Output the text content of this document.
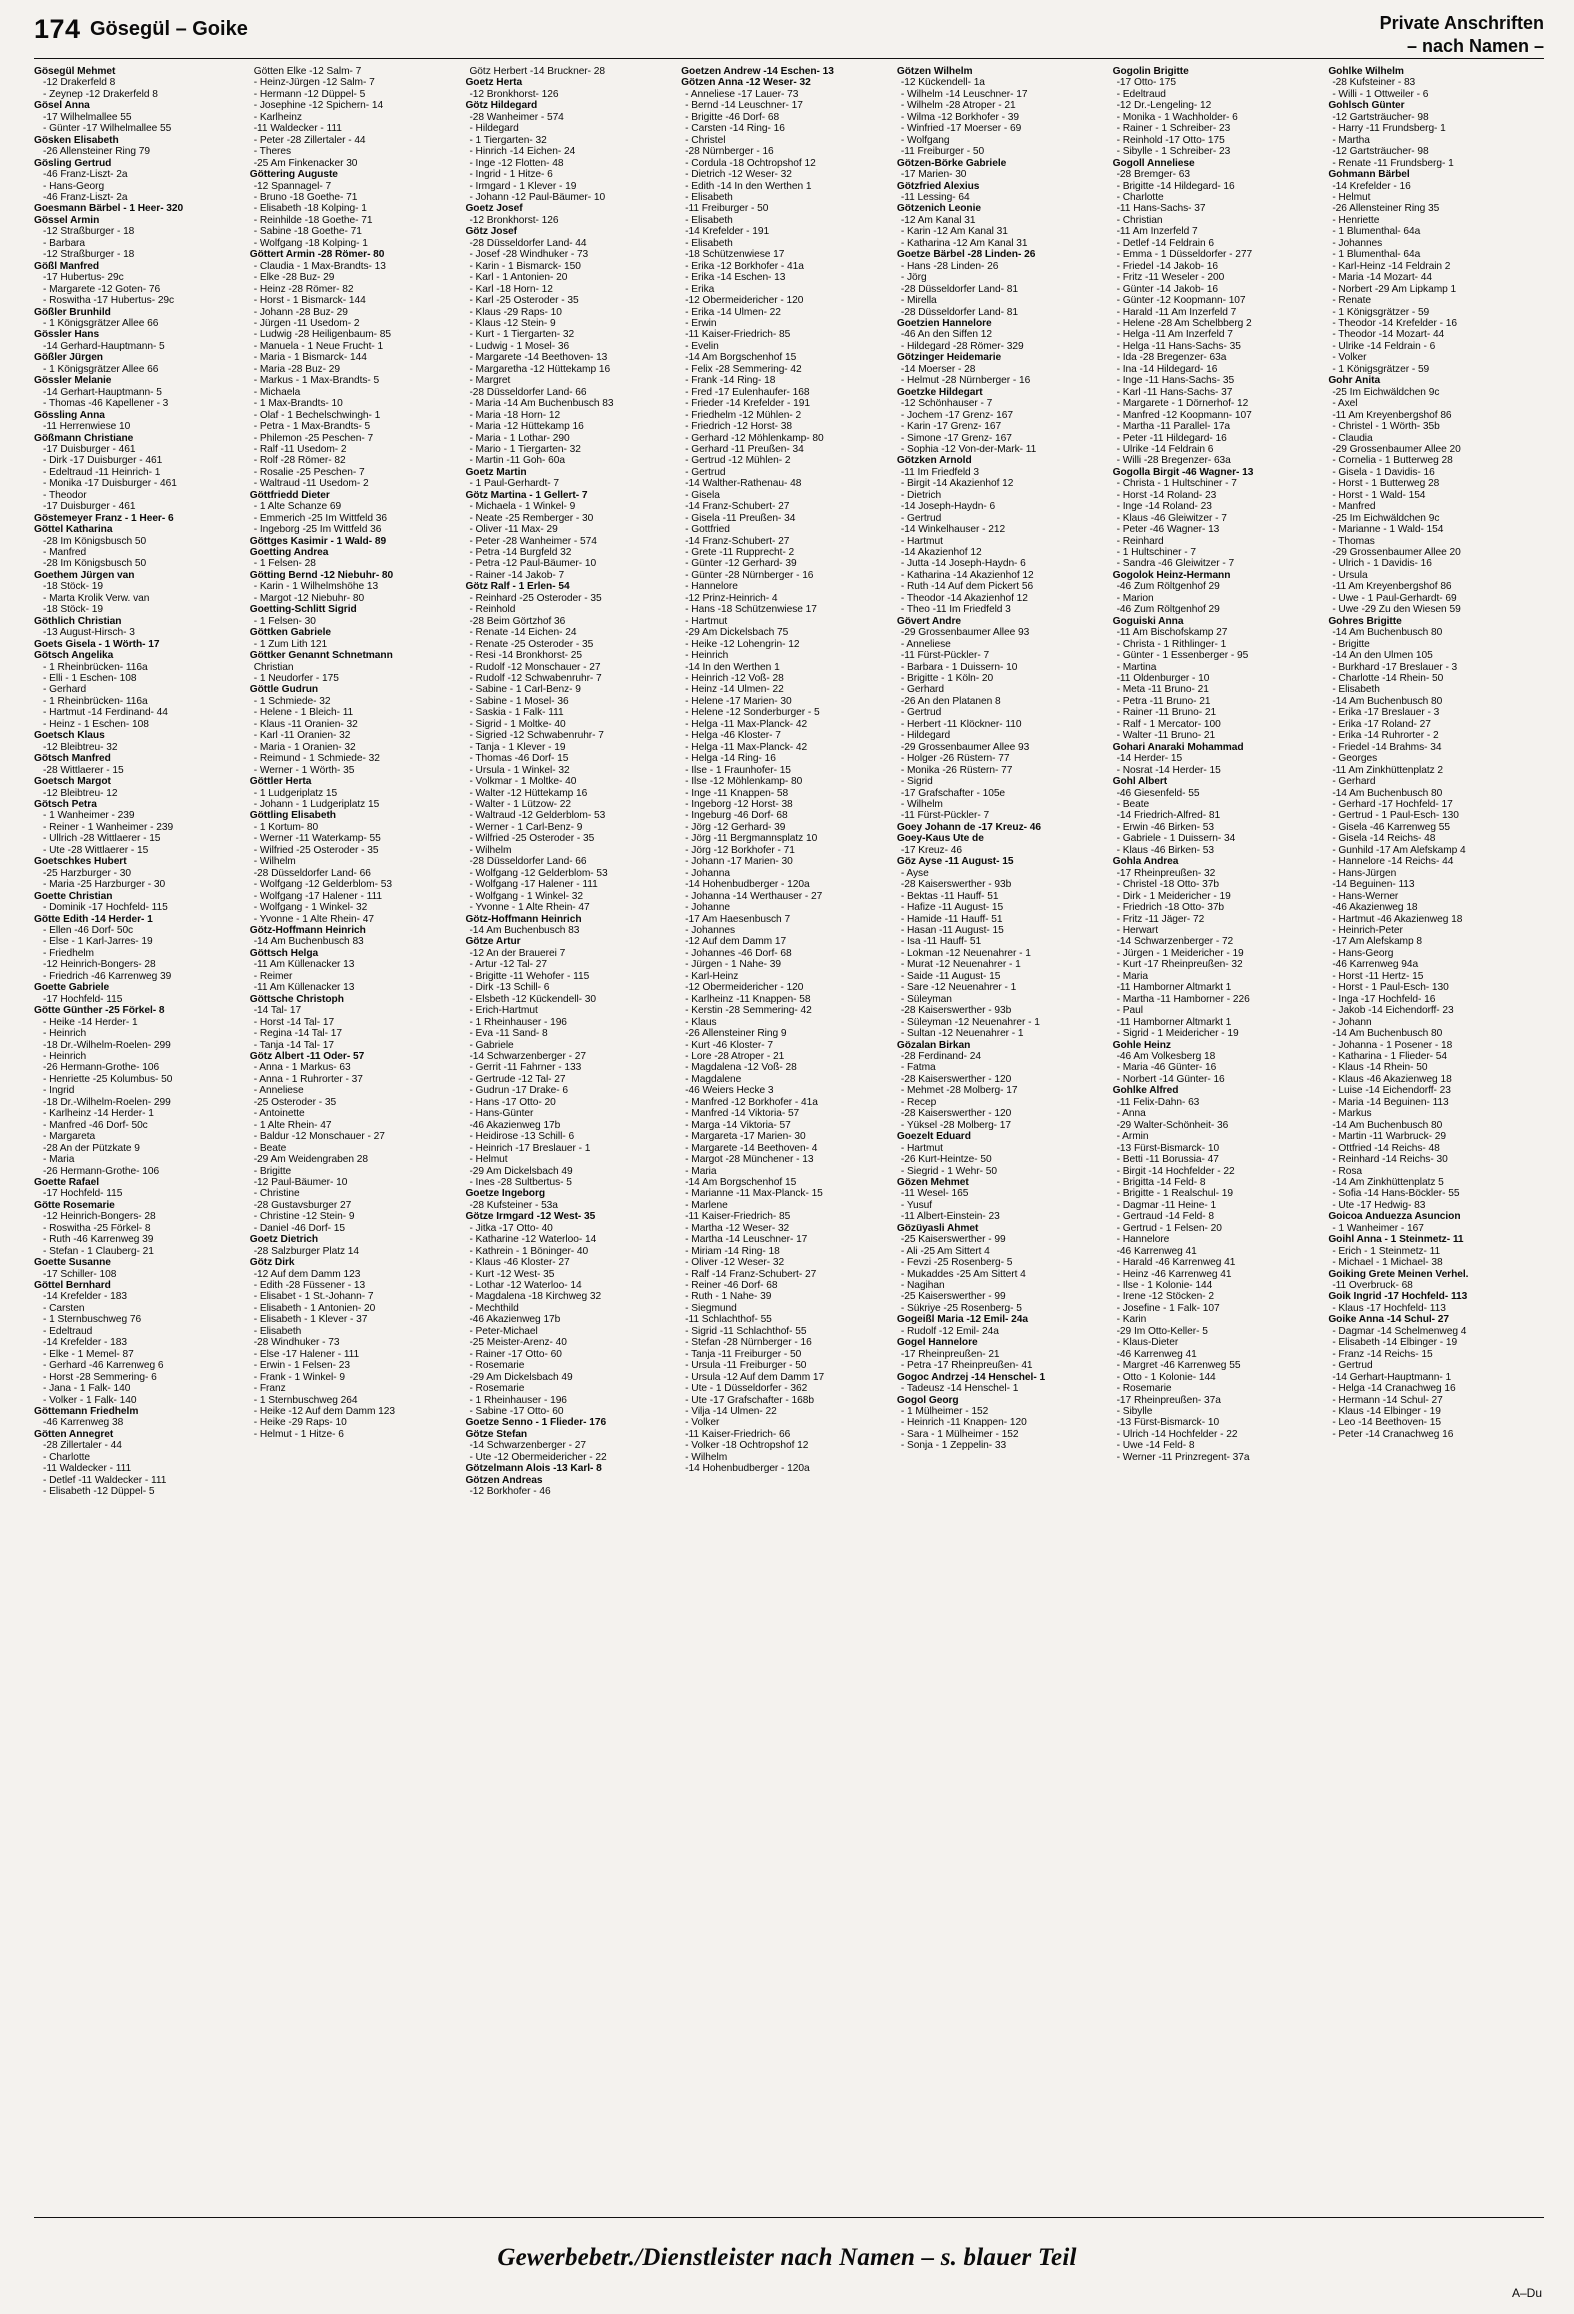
174 Gösegül – Goike	Private Anschriften
– nach Namen –
Gösegül Mehmet
-12 Drakerfeld 8
- Zeynep -12 Drakerfeld 8
Gösel Anna
-17 Wilhelmallee 55
- Günter -17 Wilhelmallee 55
Gösken Elisabeth
-26 Allensteiner Ring 79
Gösling Gertrud
-46 Franz-Liszt- 2a
- Hans-Georg
-46 Franz-Liszt- 2a
Goesmann Bärbel - 1 Heer- 320
Gössel Armin
-12 Straßburger - 18
- Barbara
-12 Straßburger - 18
Gößl Manfred
-17 Hubertus- 29c
- Margarete -12 Goten- 76
- Roswitha -17 Hubertus- 29c
Gößler Brunhild
- 1 Königsgrätzer Allee 66
Gössler Hans
-14 Gerhard-Hauptmann- 5
Gößler Jürgen
- 1 Königsgrätzer Allee 66
Gössler Melanie
-14 Gerhart-Hauptmann- 5
- Thomas -46 Kapellener - 3
Gössling Anna
-11 Herrenwiese 10
Gößmann Christiane
-17 Duisburger - 461
- Dirk -17 Duisburger - 461
- Edeltraud -11 Heinrich- 1
- Monika -17 Duisburger - 461
- Theodor
-17 Duisburger - 461
Göstemeyer Franz - 1 Heer- 6
Göttel Katharina
-28 Im Königsbusch 50
- Manfred
-28 Im Königsbusch 50
Goethem Jürgen van
-18 Stöck- 19
- Marta Krolik Verw. van
-18 Stöck- 19
Göthlich Christian
-13 August-Hirsch- 3
Goets Gisela - 1 Wörth- 17
Götsch Angelika
- 1 Rheinbrücken- 116a
- Elli - 1 Eschen- 108
- Gerhard
- 1 Rheinbrücken- 116a
- Hartmut -14 Ferdinand- 44
- Heinz - 1 Eschen- 108
Goetsch Klaus
-12 Bleibtreu- 32
Götsch Manfred
-28 Wittlaerer - 15
Goetsch Margot
-12 Bleibtreu- 12
Götsch Petra
- 1 Wanheimer - 239
- Reiner - 1 Wanheimer - 239
- Ullrich -28 Wittlaerer - 15
- Ute -28 Wittlaerer - 15
Goetschkes Hubert
-25 Harzburger - 30
- Maria -25 Harzburger - 30
Goette Christian
- Dominik -17 Hochfeld- 115
Götte Edith -14 Herder- 1
- Ellen -46 Dorf- 50c
- Else - 1 Karl-Jarres- 19
- Friedhelm
-12 Heinrich-Bongers- 28
- Friedrich -46 Karrenweg 39
Goette Gabriele
-17 Hochfeld- 115
Götte Günther -25 Förkel- 8
- Heike -14 Herder- 1
- Heinrich
-18 Dr.-Wilhelm-Roelen- 299
- Heinrich
-26 Hermann-Grothe- 106
- Henriette -25 Kolumbus- 50
- Ingrid
-18 Dr.-Wilhelm-Roelen- 299
- Karlheinz -14 Herder- 1
- Manfred -46 Dorf- 50c
- Margareta
-28 An der Pützkate 9
- Maria
-26 Hermann-Grothe- 106
Goette Rafael
-17 Hochfeld- 115
Götte Rosemarie
-12 Heinrich-Bongers- 28
- Roswitha -25 Förkel- 8
- Ruth -46 Karrenweg 39
- Stefan - 1 Clauberg- 21
Goette Susanne
-17 Schiller- 108
Göttel Bernhard
-14 Krefelder - 183
- Carsten
- 1 Sternbuschweg 76
- Edeltraud
-14 Krefelder - 183
- Elke - 1 Memel- 87
- Gerhard -46 Karrenweg 6
- Horst -28 Semmering- 6
- Jana - 1 Falk- 140
- Volker - 1 Falk- 140
Göttemann Friedhelm
-46 Karrenweg 38
Götten Annegret
-28 Zillertaler - 44
- Charlotte
-11 Waldecker - 111
- Detlef -11 Waldecker - 111
- Elisabeth -12 Düppel- 5
Götten Elke -12 Salm- 7
- Heinz-Jürgen -12 Salm- 7
- Hermann -12 Düppel- 5
- Josephine -12 Spichern- 14
- Karlheinz
-11 Waldecker - 111
- Peter -28 Zillertaler - 44
- Theres
-25 Am Finkenacker 30
Göttering Auguste
-12 Spannagel- 7
- Bruno -18 Goethe- 71
- Elisabeth -18 Kolping- 1
- Reinhilde -18 Goethe- 71
- Sabine -18 Goethe- 71
- Wolfgang -18 Kolping- 1
Göttert Armin -28 Römer- 80
- Claudia - 1 Max-Brandts- 13
- Elke -28 Buz- 29
- Heinz -28 Römer- 82
- Horst - 1 Bismarck- 144
- Johann -28 Buz- 29
- Jürgen -11 Usedom- 2
- Ludwig -28 Heiligenbaum- 85
- Manuela - 1 Neue Frucht- 1
- Maria - 1 Bismarck- 144
- Maria -28 Buz- 29
- Markus - 1 Max-Brandts- 5
- Michaela
- 1 Max-Brandts- 10
- Olaf - 1 Bechelschwingh- 1
- Petra - 1 Max-Brandts- 5
- Philemon -25 Peschen- 7
- Ralf -11 Usedom- 2
- Rolf -28 Römer- 82
- Rosalie -25 Peschen- 7
- Waltraud -11 Usedom- 2
Göttfriedd Dieter
- 1 Alte Schanze 69
- Emmerich -25 Im Wittfeld 36
- Ingeborg -25 Im Wittfeld 36
Göttges Kasimir - 1 Wald- 89
Goetting Andrea
- 1 Felsen- 28
Götting Bernd -12 Niebuhr- 80
- Karin - 1 Wilhelmshöhe 13
- Margot -12 Niebuhr- 80
Goetting-Schlitt Sigrid
- 1 Felsen- 30
Göttken Gabriele
- 1 Zum Lith 121
Göttker Genannt Schnetmann
Christian
- 1 Neudorfer - 175
Göttle Gudrun
- 1 Schmiede- 32
- Helene - 1 Bleich- 11
- Klaus -11 Oranien- 32
- Karl -11 Oranien- 32
- Maria - 1 Oranien- 32
- Reimund - 1 Schmiede- 32
- Werner - 1 Wörth- 35
Göttler Herta
- 1 Ludgeriplatz 15
- Johann - 1 Ludgeriplatz 15
Göttling Elisabeth
- 1 Kortum- 80
- Werner -11 Waterkamp- 55
- Wilfried -25 Osteroder - 35
- Wilhelm
-28 Düsseldorfer Land- 66
- Wolfgang -12 Gelderblom- 53
- Wolfgang -17 Halener - 111
- Wolfgang - 1 Winkel- 32
- Yvonne - 1 Alte Rhein- 47
Götz-Hoffmann Heinrich
-14 Am Buchenbusch 83
Göttsch Helga
-11 Am Küllenacker 13
- Reimer
-11 Am Küllenacker 13
Göttsche Christoph
-14 Tal- 17
- Horst -14 Tal- 17
- Regina -14 Tal- 17
- Tanja -14 Tal- 17
Götz Albert -11 Oder- 57
- Anna - 1 Markus- 63
- Anna - 1 Ruhrorter - 37
- Anneliese
-25 Osteroder - 35
- Antoinette
- 1 Alte Rhein- 47
- Baldur -12 Monschauer - 27
- Beate
-29 Am Weidengraben 28
- Brigitte
-12 Paul-Bäumer- 10
- Christine
-28 Gustavsburger 27
- Christine -12 Stein- 9
- Daniel -46 Dorf- 15
Goetz Dietrich
-28 Salzburger Platz 14
Götz Dirk
-12 Auf dem Damm 123
- Edith -28 Füssener - 13
- Elisabet - 1 St.-Johann- 7
- Elisabeth - 1 Antonien- 20
- Elisabeth - 1 Klever - 37
- Elisabeth
-28 Windhuker - 73
- Else -17 Halener - 111
- Erwin - 1 Felsen- 23
- Frank - 1 Winkel- 9
- Franz
- 1 Sternbuschweg 264
- Heike -12 Auf dem Damm 123
- Heike -29 Raps- 10
- Helmut - 1 Hitze- 6
Götz Herbert -14 Bruckner- 28
Goetz Herta
-12 Bronkhorst- 126
Götz Hildegard
-28 Wanheimer - 574
- Hildegard
- 1 Tiergarten- 32
- Hinrich -14 Eichen- 24
- Inge -12 Flotten- 48
- Ingrid - 1 Hitze- 6
- Irmgard - 1 Klever - 19
- Johann -12 Paul-Bäumer- 10
Goetz Josef
-12 Bronkhorst- 126
Götz Josef
-28 Düsseldorfer Land- 44
- Josef -28 Windhuker - 73
- Karin - 1 Bismarck- 150
- Karl - 1 Antonien- 20
- Karl -18 Horn- 12
- Karl -25 Osteroder - 35
- Klaus -29 Raps- 10
- Klaus -12 Stein- 9
- Kurt - 1 Tiergarten- 32
- Ludwig - 1 Mosel- 36
- Margarete -14 Beethoven- 13
- Margaretha -12 Hüttekamp 16
- Margret
-28 Düsseldorfer Land- 66
- Maria -14 Am Buchenbusch 83
- Maria -18 Horn- 12
- Maria -12 Hüttekamp 16
- Maria - 1 Lothar- 290
- Mario - 1 Tiergarten- 32
- Martin -11 Goh- 60a
Goetz Martin
- 1 Paul-Gerhardt- 7
Götz Martina - 1 Gellert- 7
- Michaela - 1 Winkel- 9
- Neate -25 Remberger - 30
- Oliver -11 Max- 29
- Peter -28 Wanheimer - 574
- Petra -14 Burgfeld 32
- Petra -12 Paul-Bäumer- 10
- Rainer -14 Jakob- 7
Götz Ralf - 1 Erlen- 54
- Reinhard -25 Osteroder - 35
- Reinhold
-28 Beim Görtzhof 36
- Renate -14 Eichen- 24
- Renate -25 Osteroder - 35
- Resi -14 Bronkhorst- 25
- Rudolf -12 Monschauer - 27
- Rudolf -12 Schwabenruhr- 7
- Sabine - 1 Carl-Benz- 9
- Sabine - 1 Mosel- 36
- Saskia - 1 Falk- 111
- Sigrid - 1 Moltke- 40
- Sigried -12 Schwabenruhr- 7
- Tanja - 1 Klever - 19
- Thomas -46 Dorf- 15
- Ursula - 1 Winkel- 32
- Volkmar - 1 Moltke- 40
- Walter -12 Hüttekamp 16
- Walter - 1 Lützow- 22
- Waltraud -12 Gelderblom- 53
- Werner - 1 Carl-Benz- 9
- Wilfried -25 Osteroder - 35
- Wilhelm
-28 Düsseldorfer Land- 66
- Wolfgang -12 Gelderblom- 53
- Wolfgang -17 Halener - 111
- Wolfgang - 1 Winkel- 32
- Yvonne - 1 Alte Rhein- 47
Götz-Hoffmann Heinrich
-14 Am Buchenbusch 83
Götze Artur
-12 An der Brauerei 7
- Artur -12 Tal- 27
- Brigitte -11 Wehofer - 115
- Dirk -13 Schill- 6
- Elsbeth -12 Kückendell- 30
- Erich-Hartmut
- 1 Rheinhauser - 196
- Eva -11 Sand- 8
- Gabriele
-14 Schwarzenberger - 27
- Gerrit -11 Fahrner - 133
- Gertrude -12 Tal- 27
- Gudrun -17 Drake- 6
- Hans -17 Otto- 20
- Hans-Günter
-46 Akazienweg 17b
- Heidirose -13 Schill- 6
- Heinrich -17 Breslauer - 1
- Helmut
-29 Am Dickelsbach 49
- Ines -28 Sultbertus- 5
Goetze Ingeborg
-28 Kufsteiner - 53a
Götze Irmgard -12 West- 35
- Jitka -17 Otto- 40
- Katharine -12 Waterloo- 14
- Kathrein - 1 Böninger- 40
- Klaus -46 Kloster- 27
- Kurt -12 West- 35
- Lothar -12 Waterloo- 14
- Magdalena -18 Kirchweg 32
- Mechthild
-46 Akazienweg 17b
- Peter-Michael
-25 Meister-Arenz- 40
- Rainer -17 Otto- 60
- Rosemarie
-29 Am Dickelsbach 49
- Rosemarie
- 1 Rheinhauser - 196
- Sabine -17 Otto- 60
Goetze Senno - 1 Flieder- 176
Götze Stefan
-14 Schwarzenberger - 27
- Ute -12 Obermeidericher - 22
Götzelmann Alois -13 Karl- 8
Götzen Andreas
-12 Borkhofer - 46
Goetzen Andrew -14 Eschen- 13
Götzen Anna -12 Weser- 32
- Anneliese -17 Lauer- 73
- Bernd -14 Leuschner- 17
- Brigitte -46 Dorf- 68
- Carsten -14 Ring- 16
- Christel
-28 Nürnberger - 16
- Cordula -18 Ochtropshof 12
- Dietrich -12 Weser- 32
- Edith -14 In den Werthen 1
- Elisabeth
-11 Freiburger - 50
- Elisabeth
-14 Krefelder - 191
- Elisabeth
-18 Schützenwiese 17
- Erika -12 Borkhofer - 41a
- Erika -14 Eschen- 13
- Erika
-12 Obermeidericher - 120
- Erika -14 Ulmen- 22
- Erwin
-11 Kaiser-Friedrich- 85
- Evelin
-14 Am Borgschenhof 15
- Felix -28 Semmering- 42
- Frank -14 Ring- 18
- Fred -17 Eulenhaufer- 168
- Frieder -14 Krefelder - 191
- Friedhelm -12 Mühlen- 2
- Friedrich -12 Horst- 38
- Gerhard -12 Möhlenkamp- 80
- Gerhard -11 Preußen- 34
- Gertrud -12 Mühlen- 2
- Gertrud
-14 Walther-Rathenau- 48
- Gisela
-14 Franz-Schubert- 27
- Gisela -11 Preußen- 34
- Gottfried
-14 Franz-Schubert- 27
- Grete -11 Rupprecht- 2
- Günter -12 Gerhard- 39
- Günter -28 Nürnberger - 16
- Hannelore
-12 Prinz-Heinrich- 4
- Hans -18 Schützenwiese 17
- Hartmut
-29 Am Dickelsbach 75
- Heike -12 Lohengrin- 12
- Heinrich
-14 In den Werthen 1
- Heinrich -12 Voß- 28
- Heinz -14 Ulmen- 22
- Helene -17 Marien- 30
- Helene -12 Sonderburger - 5
- Helga -11 Max-Planck- 42
- Helga -46 Kloster- 7
- Helga -11 Max-Planck- 42
- Helga -14 Ring- 16
- Ilse - 1 Fraunhofer- 15
- Ilse -12 Möhlenkamp- 80
- Inge -11 Knappen- 58
- Ingeborg -12 Horst- 38
- Ingeburg -46 Dorf- 68
- Jörg -12 Gerhard- 39
- Jörg -11 Bergmannsplatz 10
- Jörg -12 Borkhofer - 71
- Johann -17 Marien- 30
- Johanna
-14 Hohenbudberger - 120a
- Johanna -14 Werthauser - 27
- Johanne
-17 Am Haesenbusch 7
- Johannes
-12 Auf dem Damm 17
- Johannes -46 Dorf- 68
- Jürgen - 1 Nahe- 39
- Karl-Heinz
-12 Obermeidericher - 120
- Karlheinz -11 Knappen- 58
- Kerstin -28 Semmering- 42
- Klaus
-26 Allensteiner Ring 9
- Kurt -46 Kloster- 7
- Lore -28 Atroper - 21
- Magdalena -12 Voß- 28
- Magdalene
-46 Weiers Hecke 3
- Manfred -12 Borkhofer - 41a
- Manfred -14 Viktoria- 57
- Marga -14 Viktoria- 57
- Margareta -17 Marien- 30
- Margarete -14 Beethoven- 4
- Margot -28 Münchener - 13
- Maria
-14 Am Borgschenhof 15
- Marianne -11 Max-Planck- 15
- Marlene
-11 Kaiser-Friedrich- 85
- Martha -12 Weser- 32
- Martha -14 Leuschner- 17
- Miriam -14 Ring- 18
- Oliver -12 Weser- 32
- Ralf -14 Franz-Schubert- 27
- Reiner -46 Dorf- 68
- Ruth - 1 Nahe- 39
- Siegmund
-11 Schlachthof- 55
- Sigrid -11 Schlachthof- 55
- Stefan -28 Nürnberger - 16
- Tanja -11 Freiburger - 50
- Ursula -11 Freiburger - 50
- Ursula -12 Auf dem Damm 17
- Ute - 1 Düsseldorfer - 362
- Ute -17 Grafschafter - 168b
- Vilja -14 Ulmen- 22
- Volker
-11 Kaiser-Friedrich- 66
- Volker -18 Ochtropshof 12
- Wilhelm
-14 Hohenbudberger - 120a
Götzen Wilhelm
-12 Kückendell- 1a
- Wilhelm -14 Leuschner- 17
- Wilhelm -28 Atroper - 21
- Wilma -12 Borkhofer - 39
- Winfried -17 Moerser - 69
- Wolfgang
-11 Freiburger - 50
Götzen-Börke Gabriele
-17 Marien- 30
Götzfried Alexius
-11 Lessing- 64
Götzenich Leonie
-12 Am Kanal 31
- Karin -12 Am Kanal 31
- Katharina -12 Am Kanal 31
Goetze Bärbel -28 Linden- 26
- Hans -28 Linden- 26
- Jörg
-28 Düsseldorfer Land- 81
- Mirella
-28 Düsseldorfer Land- 81
Goetzien Hannelore
-46 An den Siffen 12
- Hildegard -28 Römer- 329
Götzinger Heidemarie
-14 Moerser - 28
- Helmut -28 Nürnberger - 16
Goetzke Hildegart
-12 Schönhauser - 7
- Jochem -17 Grenz- 167
- Karin -17 Grenz- 167
- Simone -17 Grenz- 167
- Sophia -12 Von-der-Mark- 11
Götzken Arnold
-11 Im Friedfeld 3
- Birgit -14 Akazienhof 12
- Dietrich
-14 Joseph-Haydn- 6
- Gertrud
-14 Winkelhauser - 212
- Hartmut
-14 Akazienhof 12
- Jutta -14 Joseph-Haydn- 6
- Katharina -14 Akazienhof 12
- Ruth -14 Auf dem Pickert 56
- Theodor -14 Akazienhof 12
- Theo -11 Im Friedfeld 3
Gövert Andre
-29 Grossenbaumer Allee 93
- Anneliese
-11 Fürst-Pückler- 7
- Barbara - 1 Duissern- 10
- Brigitte - 1 Köln- 20
- Gerhard
-26 An den Platanen 8
- Gertrud
- Herbert -11 Klöckner- 110
- Hildegard
-29 Grossenbaumer Allee 93
- Holger -26 Rüstern- 77
- Monika -26 Rüstern- 77
- Sigrid
-17 Grafschafter - 105e
- Wilhelm
-11 Fürst-Pückler- 7
Goey Johann de -17 Kreuz- 46
Goey-Kaus Ute de
-17 Kreuz- 46
Göz Ayse -11 August- 15
- Ayse
-28 Kaiserswerther - 93b
- Bektas -11 Hauff- 51
- Hafize -11 August- 15
- Hamide -11 Hauff- 51
- Hasan -11 August- 15
- Isa -11 Hauff- 51
- Lokman -12 Neuenahrer - 1
- Murat -12 Neuenahrer - 1
- Saide -11 August- 15
- Sare -12 Neuenahrer - 1
- Süleyman
-28 Kaiserswerther - 93b
- Süleyman -12 Neuenahrer - 1
- Sultan -12 Neuenahrer - 1
Gözalan Birkan
-28 Ferdinand- 24
- Fatma
-28 Kaiserswerther - 120
- Mehmet -28 Molberg- 17
- Recep
-28 Kaiserswerther - 120
- Yüksel -28 Molberg- 17
Goezelt Eduard
- Hartmut
-26 Kurt-Heintze- 50
- Siegrid - 1 Wehr- 50
Gözen Mehmet
-11 Wesel- 165
- Yusuf
-11 Albert-Einstein- 23
Gözüyasli Ahmet
-25 Kaiserswerther - 99
- Ali -25 Am Sittert 4
- Fevzi -25 Rosenberg- 5
- Mukaddes -25 Am Sittert 4
- Nagihan
-25 Kaiserswerther - 99
- Sükriye -25 Rosenberg- 5
Gogeißl Maria -12 Emil- 24a
- Rudolf -12 Emil- 24a
Gogel Hannelore
-17 Rheinpreußen- 21
- Petra -17 Rheinpreußen- 41
Gogoc Andrzej -14 Henschel- 1
- Tadeusz -14 Henschel- 1
Gogol Georg
- 1 Mülheimer - 152
- Heinrich -11 Knappen- 120
- Sara - 1 Mülheimer - 152
- Sonja - 1 Zeppelin- 33
Gogolin Brigitte
-17 Otto- 175
- Edeltraud
-12 Dr.-Lengeling- 12
- Monika - 1 Wachholder- 6
- Rainer - 1 Schreiber- 23
- Reinhold -17 Otto- 175
- Sibylle - 1 Schreiber- 23
Gogoll Anneliese
-28 Bremger- 63
- Brigitte -14 Hildegard- 16
- Charlotte
-11 Hans-Sachs- 37
- Christian
-11 Am Inzerfeld 7
- Detlef -14 Feldrain 6
- Emma - 1 Düsseldorfer - 277
- Friedel -14 Jakob- 16
- Fritz -11 Weseler - 200
- Günter -14 Jakob- 16
- Günter -12 Koopmann- 107
- Harald -11 Am Inzerfeld 7
- Helene -28 Am Schelbberg 2
- Helga -11 Am Inzerfeld 7
- Helga -11 Hans-Sachs- 35
- Ida -28 Bregenzer- 63a
- Ina -14 Hildegard- 16
- Inge -11 Hans-Sachs- 35
- Karl -11 Hans-Sachs- 37
- Margarete - 1 Dörnerhof- 12
- Manfred -12 Koopmann- 107
- Martha -11 Parallel- 17a
- Peter -11 Hildegard- 16
- Ulrike -14 Feldrain 6
- Willi -28 Bregenzer- 63a
Gogolla Birgit -46 Wagner- 13
- Christa - 1 Hultschiner - 7
- Horst -14 Roland- 23
- Inge -14 Roland- 23
- Klaus -46 Gleiwitzer - 7
- Peter -46 Wagner- 13
- Reinhard
- 1 Hultschiner - 7
- Sandra -46 Gleiwitzer - 7
Gogolok Heinz-Hermann
-46 Zum Röltgenhof 29
- Marion
-46 Zum Röltgenhof 29
Goguiski Anna
-11 Am Bischofskamp 27
- Christa - 1 Rithlinger- 1
- Günter - 1 Essenberger - 95
- Martina
-11 Oldenburger - 10
- Meta -11 Bruno- 21
- Petra -11 Bruno- 21
- Rainer -11 Bruno- 21
- Ralf - 1 Mercator- 100
- Walter -11 Bruno- 21
Gohari Anaraki Mohammad
-14 Herder- 15
- Nosrat -14 Herder- 15
Gohl Albert
-46 Giesenfeld- 55
- Beate
-14 Friedrich-Alfred- 81
- Erwin -46 Birken- 53
- Gabriele - 1 Duissern- 34
- Klaus -46 Birken- 53
Gohla Andrea
-17 Rheinpreußen- 32
- Christel -18 Otto- 37b
- Dirk - 1 Meidericher - 19
- Friedrich -18 Otto- 37b
- Fritz -11 Jäger- 72
- Herwart
-14 Schwarzenberger - 72
- Jürgen - 1 Meidericher - 19
- Kurt -17 Rheinpreußen- 32
- Maria
-11 Hamborner Altmarkt 1
- Martha -11 Hamborner - 226
- Paul
-11 Hamborner Altmarkt 1
- Sigrid - 1 Meidericher - 19
Gohle Heinz
-46 Am Volkesberg 18
- Maria -46 Günter- 16
- Norbert -14 Günter- 16
Gohlke Alfred
-11 Felix-Dahn- 63
- Anna
-29 Walter-Schönheit- 36
- Armin
-13 Fürst-Bismarck- 10
- Betti -11 Borussia- 47
- Birgit -14 Hochfelder - 22
- Brigitta -14 Feld- 8
- Brigitte - 1 Realschul- 19
- Dagmar -11 Heine- 1
- Gertraud -14 Feld- 8
- Gertrud - 1 Felsen- 20
- Hannelore
-46 Karrenweg 41
- Harald -46 Karrenweg 41
- Heinz -46 Karrenweg 41
- Ilse - 1 Kolonie- 144
- Irene -12 Stöcken- 2
- Josefine - 1 Falk- 107
- Karin
-29 Im Otto-Keller- 5
- Klaus-Dieter
-46 Karrenweg 41
- Margret -46 Karrenweg 55
- Otto - 1 Kolonie- 144
- Rosemarie
-17 Rheinpreußen- 37a
- Sibylle
-13 Fürst-Bismarck- 10
- Ulrich -14 Hochfelder - 22
- Uwe -14 Feld- 8
- Werner -11 Prinzregent- 37a
Gohlke Wilhelm
-28 Kufsteiner - 83
- Willi - 1 Ottweiler - 6
Gohlsch Günter
-12 Gartsträucher- 98
- Harry -11 Frundsberg- 1
- Martha
-12 Gartsträucher- 98
- Renate -11 Frundsberg- 1
Gohmann Bärbel
-14 Krefelder - 16
- Helmut
-26 Allensteiner Ring 35
- Henriette
- 1 Blumenthal- 64a
- Johannes
- 1 Blumenthal- 64a
- Karl-Heinz -14 Feldrain 2
- Maria -14 Mozart- 44
- Norbert -29 Am Lipkamp 1
- Renate
- 1 Königsgrätzer - 59
- Theodor -14 Krefelder - 16
- Theodor -14 Mozart- 44
- Ulrike -14 Feldrain - 6
- Volker
- 1 Königsgrätzer - 59
Gohr Anita
-25 Im Eichwäldchen 9c
- Axel
-11 Am Kreyenbergshof 86
- Christel - 1 Wörth- 35b
- Claudia
-29 Grossenbaumer Allee 20
- Cornelia - 1 Butterweg 28
- Gisela - 1 Davidis- 16
- Horst - 1 Butterweg 28
- Horst - 1 Wald- 154
- Manfred
-25 Im Eichwäldchen 9c
- Marianne - 1 Wald- 154
- Thomas
-29 Grossenbaumer Allee 20
- Ulrich - 1 Davidis- 16
- Ursula
-11 Am Kreyenbergshof 86
- Uwe - 1 Paul-Gerhardt- 69
- Uwe -29 Zu den Wiesen 59
Gohres Brigitte
-14 Am Buchenbusch 80
- Brigitte
-14 An den Ulmen 105
- Burkhard -17 Breslauer - 3
- Charlotte -14 Rhein- 50
- Elisabeth
-14 Am Buchenbusch 80
- Erika -17 Breslauer - 3
- Erika -17 Roland- 27
- Erika -14 Ruhrorter - 2
- Friedel -14 Brahms- 34
- Georges
-11 Am Zinkhüttenplatz 2
- Gerhard
-14 Am Buchenbusch 80
- Gerhard -17 Hochfeld- 17
- Gertrud - 1 Paul-Esch- 130
- Gisela -46 Karrenweg 55
- Gisela -14 Reichs- 48
- Gunhild -17 Am Alefskamp 4
- Hannelore -14 Reichs- 44
- Hans-Jürgen
-14 Beguinen- 113
- Hans-Werner
-46 Akazienweg 18
- Hartmut -46 Akazienweg 18
- Heinrich-Peter
-17 Am Alefskamp 8
- Hans-Georg
-46 Karrenweg 94a
- Horst -11 Hertz- 15
- Horst - 1 Paul-Esch- 130
- Inga -17 Hochfeld- 16
- Jakob -14 Eichendorff- 23
- Johann
-14 Am Buchenbusch 80
- Johanna - 1 Posener - 18
- Katharina - 1 Flieder- 54
- Klaus -14 Rhein- 50
- Klaus -46 Akazienweg 18
- Luise -14 Eichendorff- 23
- Maria -14 Beguinen- 113
- Markus
-14 Am Buchenbusch 80
- Martin -11 Warbruck- 29
- Ottfried -14 Reichs- 48
- Reinhard -14 Reichs- 30
- Rosa
-14 Am Zinkhüttenplatz 5
- Sofia -14 Hans-Böckler- 55
- Ute -17 Hedwig- 83
Goicoa Anduezza Asuncion
- 1 Wanheimer - 167
Goihl Anna - 1 Steinmetz- 11
- Erich - 1 Steinmetz- 11
- Michael - 1 Michael- 38
Goiking Grete Meinen Verhel.
-11 Overbruck- 68
Goik Ingrid -17 Hochfeld- 113
- Klaus -17 Hochfeld- 113
Goike Anna -14 Schul- 27
- Dagmar -14 Schelmenweg 4
- Elisabeth -14 Elbinger - 19
- Franz -14 Reichs- 15
- Gertrud
-14 Gerhart-Hauptmann- 1
- Helga -14 Cranachweg 16
- Hermann -14 Schul- 27
- Klaus -14 Elbinger - 19
- Leo -14 Beethoven- 15
- Peter -14 Cranachweg 16
Gewerbebetr./Dienstleister nach Namen – s. blauer Teil
A–Du
